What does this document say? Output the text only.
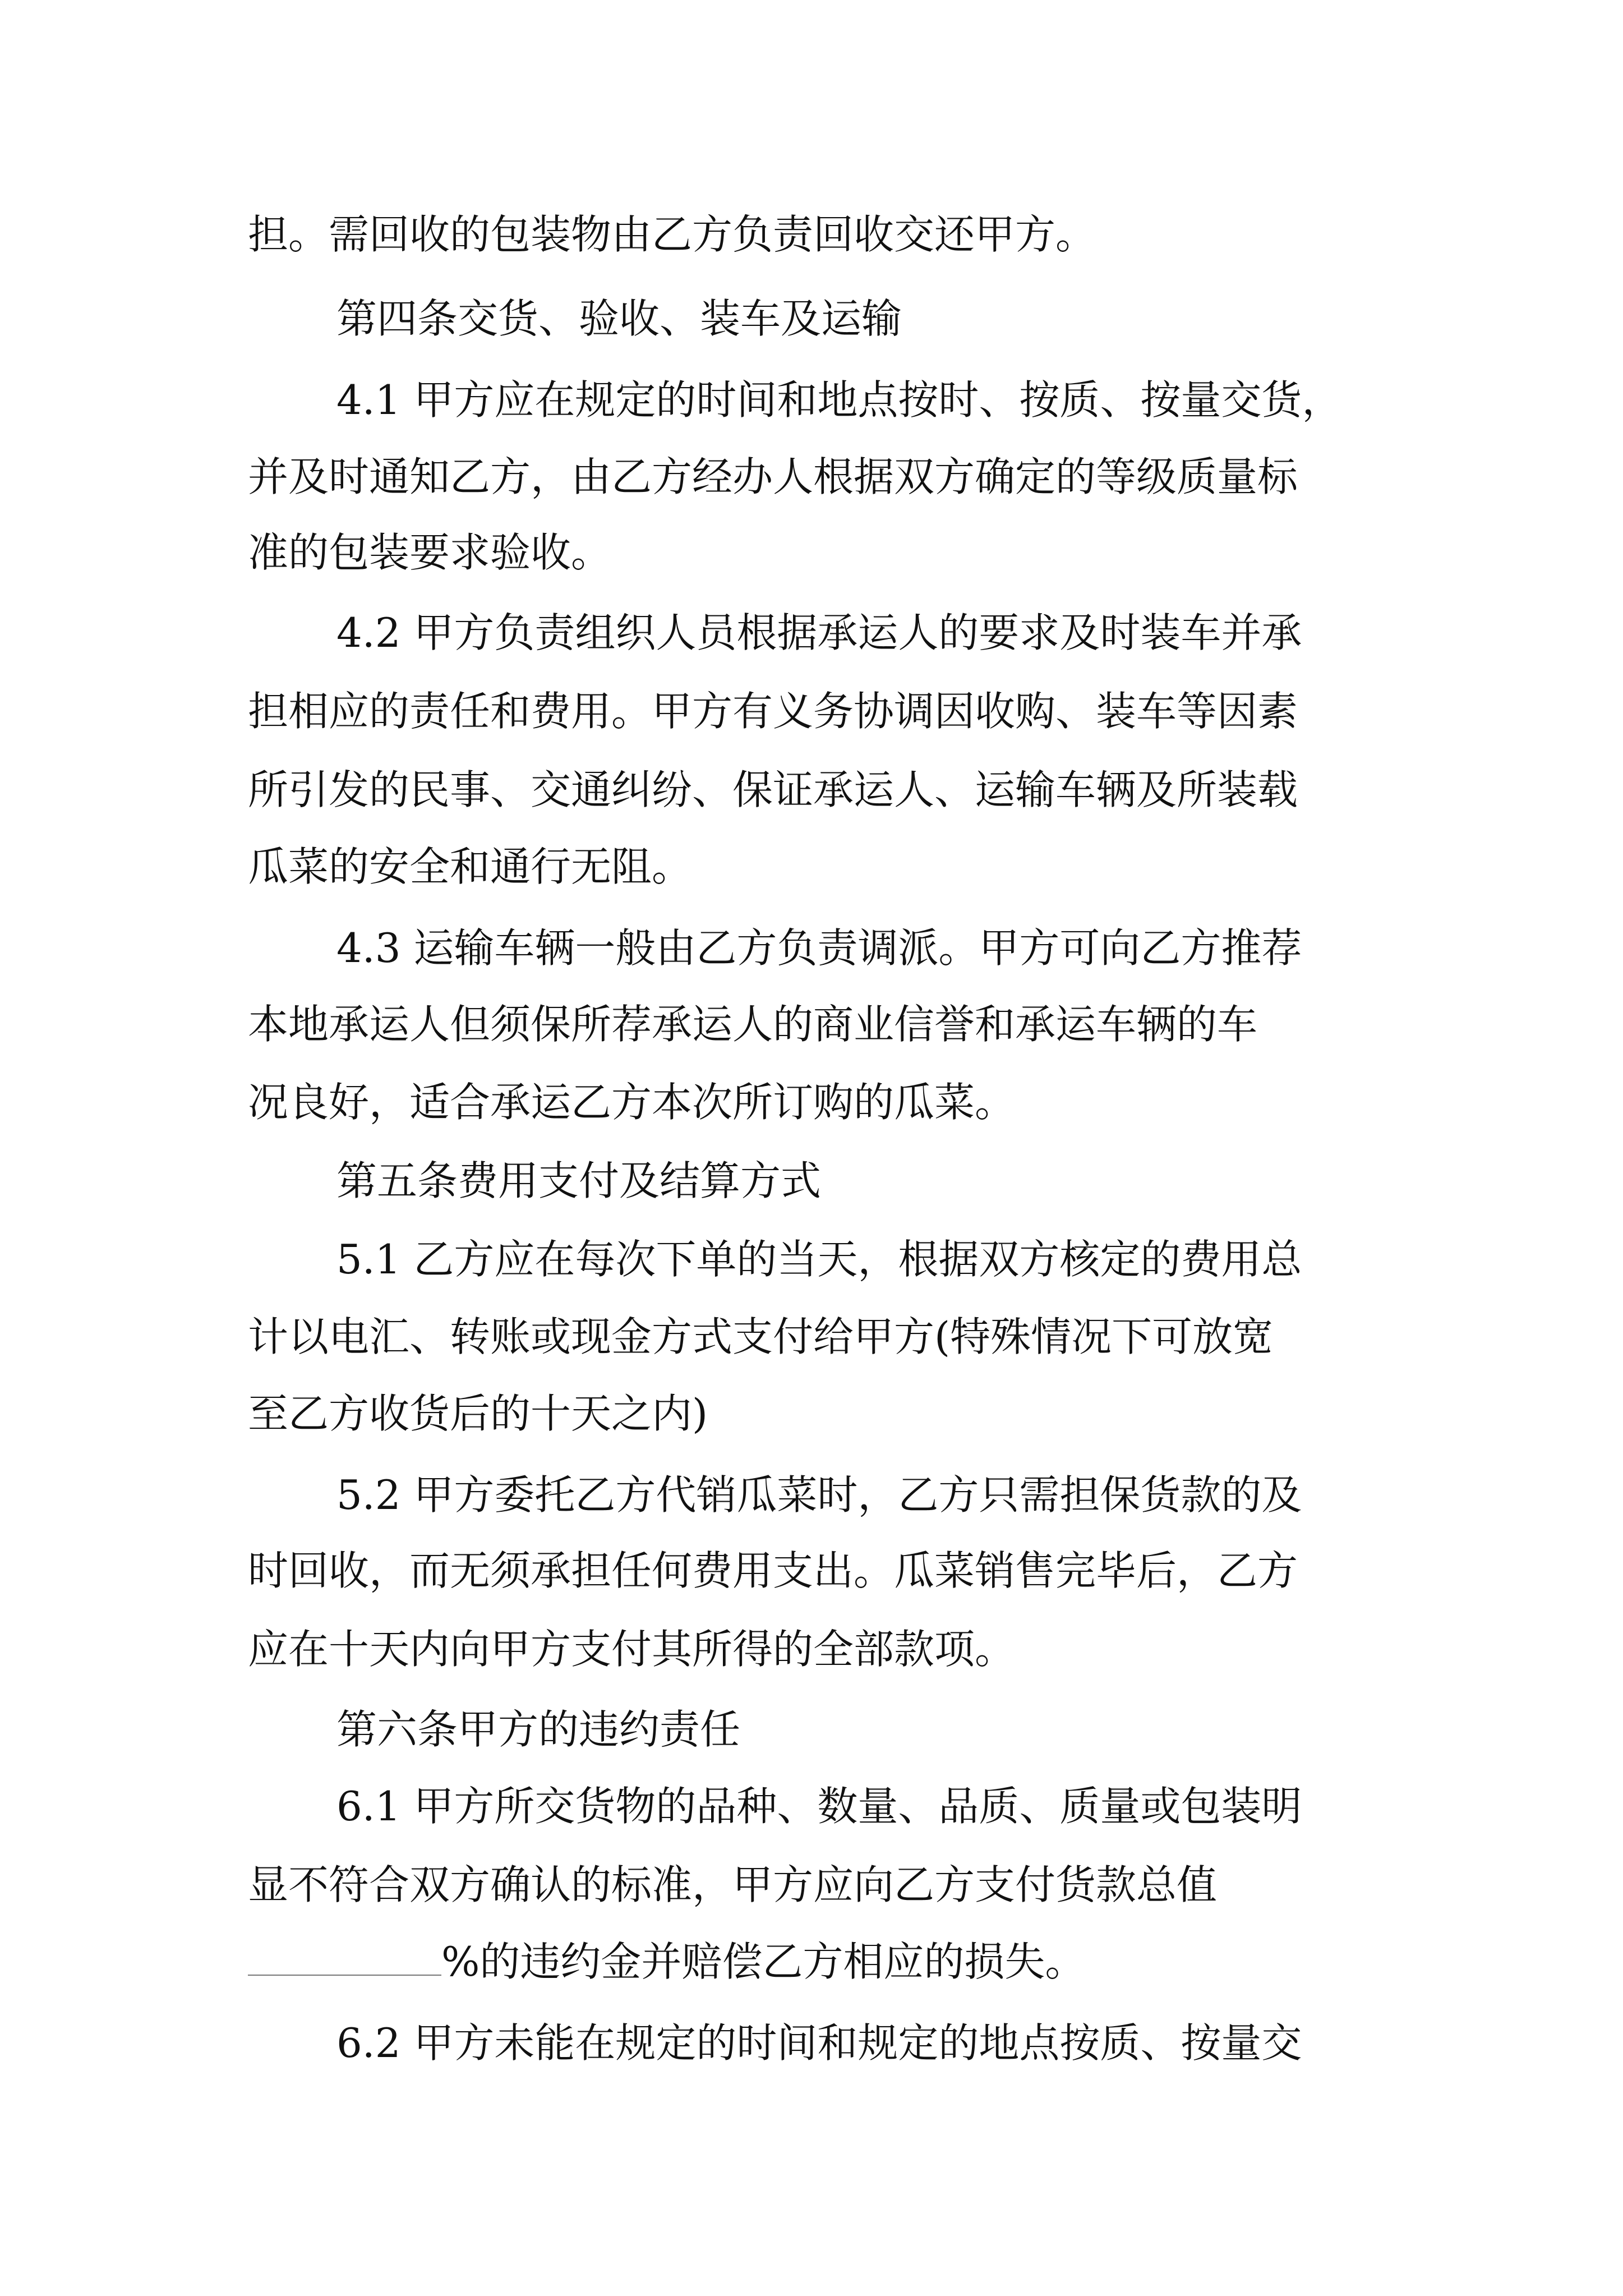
担。需回收的包装物由乙方负责回收交还甲方。
第四条交货、验收、装车及运输
4.1 甲方应在规定的时间和地点按时、按质、按量交货，
并及时通知乙方，由乙方经办人根据双方确定的等级质量标
准的包装要求验收。
4.2 甲方负责组织人员根据承运人的要求及时装车并承
担相应的责任和费用。甲方有义务协调因收购、装车等因素
所引发的民事、交通纠纷、保证承运人、运输车辆及所装载
瓜菜的安全和通行无阻。
4.3 运输车辆一般由乙方负责调派。甲方可向乙方推荐
本地承运人但须保所荐承运人的商业信誉和承运车辆的车
况良好，适合承运乙方本次所订购的瓜菜。
第五条费用支付及结算方式
5.1 乙方应在每次下单的当天，根据双方核定的费用总
计以电汇、转账或现金方式支付给甲方(特殊情况下可放宽
至乙方收货后的十天之内)
5.2 甲方委托乙方代销瓜菜时，乙方只需担保货款的及
时回收，而无须承担任何费用支出。瓜菜销售完毕后，乙方
应在十天内向甲方支付其所得的全部款项。
第六条甲方的违约责任
6.1 甲方所交货物的品种、数量、品质、质量或包装明
显不符合双方确认的标准，甲方应向乙方支付货款总值
%的违约金并赔偿乙方相应的损失。
6.2 甲方未能在规定的时间和规定的地点按质、按量交
